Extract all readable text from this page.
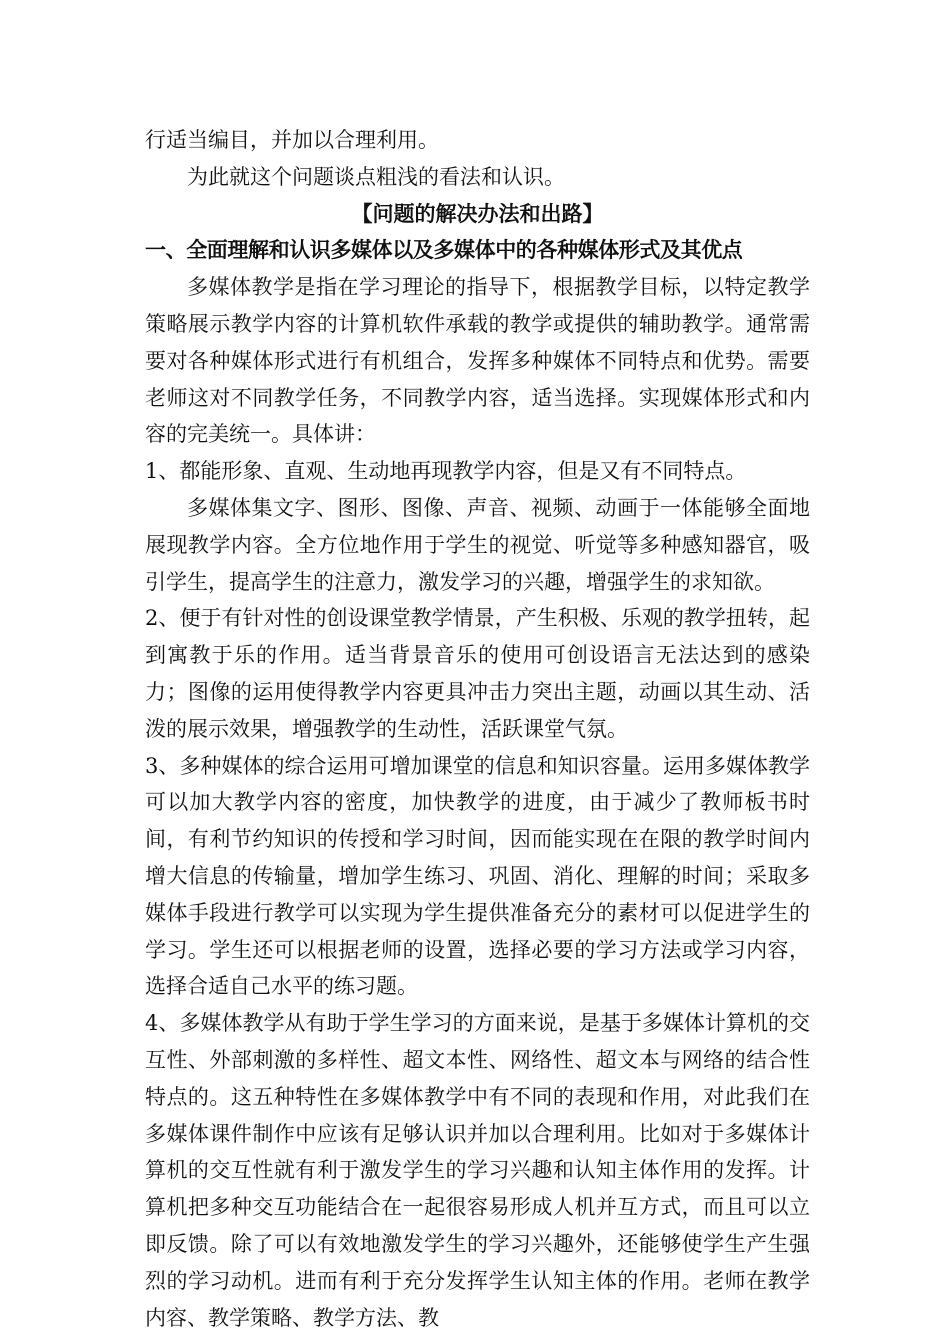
行适当编目，并加以合理利用。

为此就这个问题谈点粗浅的看法和认识。

【问题的解决办法和出路】

一、全面理解和认识多媒体以及多媒体中的各种媒体形式及其优点

多媒体教学是指在学习理论的指导下，根据教学目标，以特定教学策略展示教学内容的计算机软件承载的教学或提供的辅助教学。通常需要对各种媒体形式进行有机组合，发挥多种媒体不同特点和优势。需要老师这对不同教学任务，不同教学内容，适当选择。实现媒体形式和内容的完美统一。具体讲：

1、都能形象、直观、生动地再现教学内容，但是又有不同特点。

多媒体集文字、图形、图像、声音、视频、动画于一体能够全面地展现教学内容。全方位地作用于学生的视觉、听觉等多种感知器官，吸引学生，提高学生的注意力，激发学习的兴趣，增强学生的求知欲。

2、便于有针对性的创设课堂教学情景，产生积极、乐观的教学扭转，起到寓教于乐的作用。适当背景音乐的使用可创设语言无法达到的感染力；图像的运用使得教学内容更具冲击力突出主题，动画以其生动、活泼的展示效果，增强教学的生动性，活跃课堂气氛。

3、多种媒体的综合运用可增加课堂的信息和知识容量。运用多媒体教学可以加大教学内容的密度，加快教学的进度，由于减少了教师板书时间，有利节约知识的传授和学习时间，因而能实现在在限的教学时间内增大信息的传输量，增加学生练习、巩固、消化、理解的时间；采取多媒体手段进行教学可以实现为学生提供准备充分的素材可以促进学生的学习。学生还可以根据老师的设置，选择必要的学习方法或学习内容，选择合适自己水平的练习题。

4、多媒体教学从有助于学生学习的方面来说，是基于多媒体计算机的交互性、外部刺激的多样性、超文本性、网络性、超文本与网络的结合性特点的。这五种特性在多媒体教学中有不同的表现和作用，对此我们在多媒体课件制作中应该有足够认识并加以合理利用。比如对于多媒体计算机的交互性就有利于激发学生的学习兴趣和认知主体作用的发挥。计算机把多种交互功能结合在一起很容易形成人机并互方式，而且可以立即反馈。除了可以有效地激发学生的学习兴趣外，还能够使学生产生强烈的学习动机。进而有利于充分发挥学生认知主体的作用。老师在教学内容、教学策略、教学方法、教
